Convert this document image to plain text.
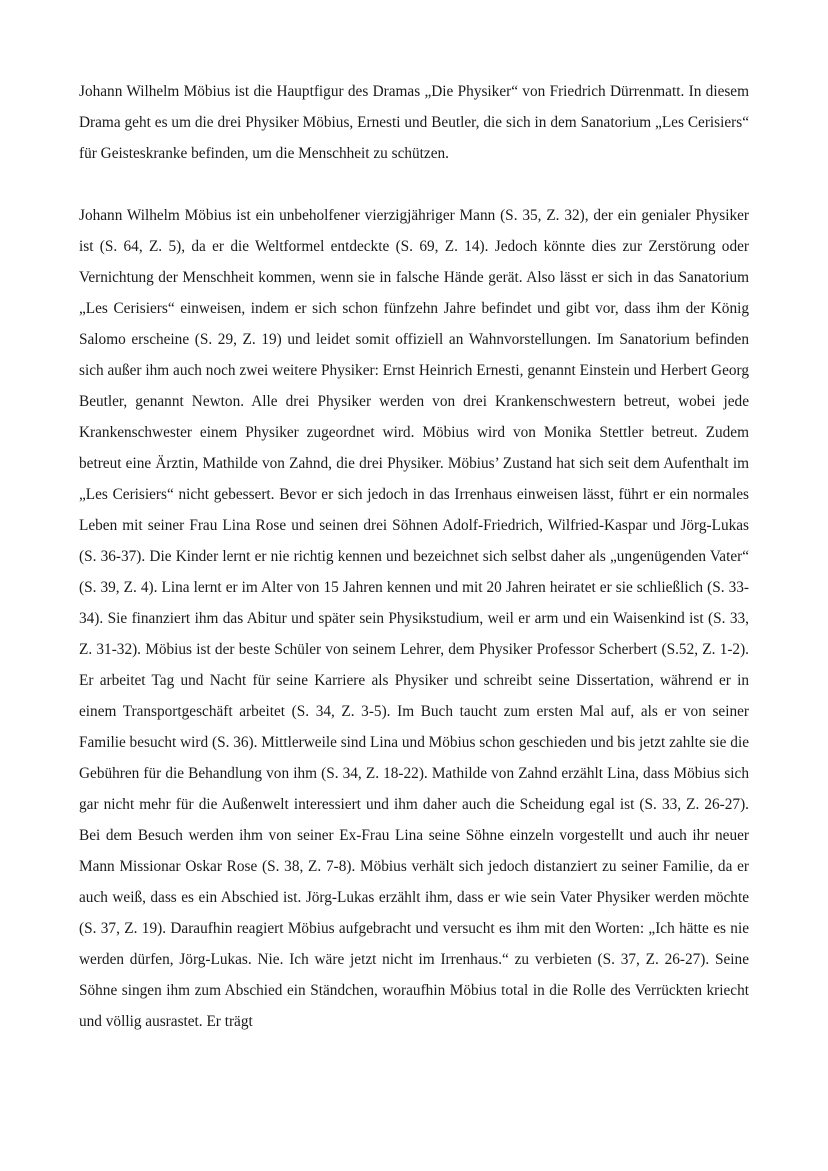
Johann Wilhelm Möbius ist die Hauptfigur des Dramas „Die Physiker“ von Friedrich Dürrenmatt. In diesem Drama geht es um die drei Physiker Möbius, Ernesti und Beutler, die sich in dem Sanatorium „Les Cerisiers“ für Geisteskranke befinden, um die Menschheit zu schützen.

Johann Wilhelm Möbius ist ein unbeholfener vierzigjähriger Mann (S. 35, Z. 32), der ein genialer Physiker ist (S. 64, Z. 5), da er die Weltformel entdeckte (S. 69, Z. 14). Jedoch könnte dies zur Zerstörung oder Vernichtung der Menschheit kommen, wenn sie in falsche Hände gerät. Also lässt er sich in das Sanatorium „Les Cerisiers“ einweisen, indem er sich schon fünfzehn Jahre befindet und gibt vor, dass ihm der König Salomo erscheine (S. 29, Z. 19) und leidet somit offiziell an Wahnvorstellungen. Im Sanatorium befinden sich außer ihm auch noch zwei weitere Physiker: Ernst Heinrich Ernesti, genannt Einstein und Herbert Georg Beutler, genannt Newton. Alle drei Physiker werden von drei Krankenschwestern betreut, wobei jede Krankenschwester einem Physiker zugeordnet wird. Möbius wird von Monika Stettler betreut. Zudem betreut eine Ärztin, Mathilde von Zahnd, die drei Physiker. Möbius’ Zustand hat sich seit dem Aufenthalt im „Les Cerisiers“ nicht gebessert. Bevor er sich jedoch in das Irrenhaus einweisen lässt, führt er ein normales Leben mit seiner Frau Lina Rose und seinen drei Söhnen Adolf-Friedrich, Wilfried-Kaspar und Jörg-Lukas (S. 36-37). Die Kinder lernt er nie richtig kennen und bezeichnet sich selbst daher als „ungenügenden Vater“ (S. 39, Z. 4). Lina lernt er im Alter von 15 Jahren kennen und mit 20 Jahren heiratet er sie schließlich (S. 33-34). Sie finanziert ihm das Abitur und später sein Physikstudium, weil er arm und ein Waisenkind ist (S. 33, Z. 31-32). Möbius ist der beste Schüler von seinem Lehrer, dem Physiker Professor Scherbert (S.52, Z. 1-2). Er arbeitet Tag und Nacht für seine Karriere als Physiker und schreibt seine Dissertation, während er in einem Transportgeschäft arbeitet (S. 34, Z. 3-5). Im Buch taucht zum ersten Mal auf, als er von seiner Familie besucht wird (S. 36). Mittlerweile sind Lina und Möbius schon geschieden und bis jetzt zahlte sie die Gebühren für die Behandlung von ihm (S. 34, Z. 18-22). Mathilde von Zahnd erzählt Lina, dass Möbius sich gar nicht mehr für die Außenwelt interessiert und ihm daher auch die Scheidung egal ist (S. 33, Z. 26-27). Bei dem Besuch werden ihm von seiner Ex-Frau Lina seine Söhne einzeln vorgestellt und auch ihr neuer Mann Missionar Oskar Rose (S. 38, Z. 7-8). Möbius verhält sich jedoch distanziert zu seiner Familie, da er auch weiß, dass es ein Abschied ist. Jörg-Lukas erzählt ihm, dass er wie sein Vater Physiker werden möchte (S. 37, Z. 19). Daraufhin reagiert Möbius aufgebracht und versucht es ihm mit den Worten: „Ich hätte es nie werden dürfen, Jörg-Lukas. Nie. Ich wäre jetzt nicht im Irrenhaus.“ zu verbieten (S. 37, Z. 26-27). Seine Söhne singen ihm zum Abschied ein Ständchen, woraufhin Möbius total in die Rolle des Verrückten kriecht und völlig ausrastet. Er trägt
